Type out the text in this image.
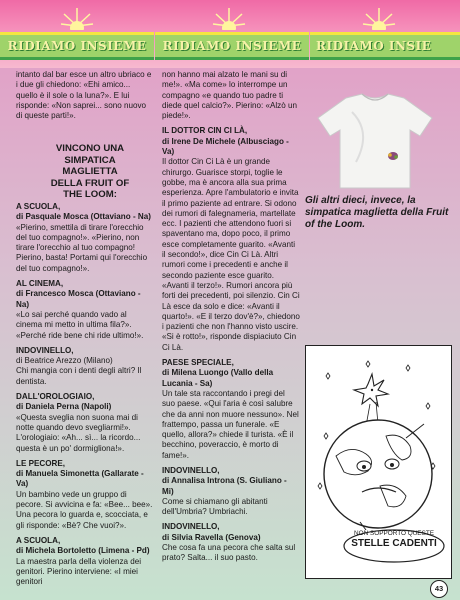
RIDIAMO INSIEME	RIDIAMO INSIEME	RIDIAMO INSIE

intanto dal bar esce un altro ubriaco e i due gli chiedono: «Ehi amico... quello è il sole o la luna?». E lui risponde: «Non saprei... sono nuovo di queste parti!».

VINCONO UNA SIMPATICA MAGLIETTA DELLA FRUIT OF THE LOOM:

A SCUOLA,
di Pasquale Mosca (Ottaviano - Na)
«Pierino, smettila di tirare l'orecchio del tuo compagno!». «Pierino, non tirare l'orecchio al tuo compagno! Pierino, basta! Portami qui l'orecchio del tuo compagno!».

AL CINEMA,
di Francesco Mosca (Ottaviano - Na)
«Lo sai perché quando vado al cinema mi metto in ultima fila?». «Perché ride bene chi ride ultimo!».

INDOVINELLO,
di Beatrice Arezzo (Milano)
Chi mangia con i denti degli altri? Il dentista.

DALL'OROLOGIAIO,
di Daniela Perna (Napoli)
«Questa sveglia non suona mai di notte quando devo svegliarmi!». L'orologiaio: «Ah... sì... la ricordo... questa è un po' dormigliona!».

LE PECORE,
di Manuela Simonetta (Gallarate - Va)
Un bambino vede un gruppo di pecore. Si avvicina e fa: «Bee... bee». Una pecora lo guarda e, scocciata, e gli risponde: «Bè? Che vuoi?».

A SCUOLA,
di Michela Bortoletto (Limena - Pd)
La maestra parla della violenza dei genitori. Pierino interviene: «I miei genitori

non hanno mai alzato le mani su di me!». «Ma come» lo interrompe un compagno «e quando tuo padre ti diede quel calcio?». Pierino: «Alzò un piede!».

IL DOTTOR CIN CI LÀ,
di Irene De Michele (Albusciago - Va)
Il dottor Cin Ci Là è un grande chirurgo. Guarisce storpi, toglie le gobbe, ma è ancora alla sua prima esperienza. Apre l'ambulatorio e invita il primo paziente ad entrare. Si odono dei rumori di falegnameria, martellate ecc. I pazienti che attendono fuori si spaventano ma, dopo poco, il primo esce completamente guarito. «Avanti il secondo!», dice Cin Ci Là. Altri rumori come i precedenti e anche il secondo paziente esce guarito. «Avanti il terzo!». Rumori ancora più forti dei precedenti, poi silenzio. Cin Ci Là esce da solo e dice: «Avanti il quarto!». «E il terzo dov'è?», chiedono i pazienti che non l'hanno visto uscire. «Si è rotto!», risponde dispiaciuto Cin Ci Là.

PAESE SPECIALE,
di Milena Luongo (Vallo della Lucania - Sa)
Un tale sta raccontando i pregi del suo paese. «Qui l'aria è così salubre che da anni non muore nessuno». Nel frattempo, passa un funerale. «E quello, allora?» chiede il turista. «È il becchino, poveraccio, è morto di fame!».

INDOVINELLO,
di Annalisa Introna (S. Giuliano - Mi)
Come si chiamano gli abitanti dell'Umbria? Umbriachi.

INDOVINELLO,
di Silvia Ravella (Genova)
Che cosa fa una pecora che salta sul prato? Salta... il suo pasto.

Gli altri dieci, invece, la simpatica maglietta della Fruit of the Loom.
NON SOPPORTO QUESTE
STELLE CADENTI
43
